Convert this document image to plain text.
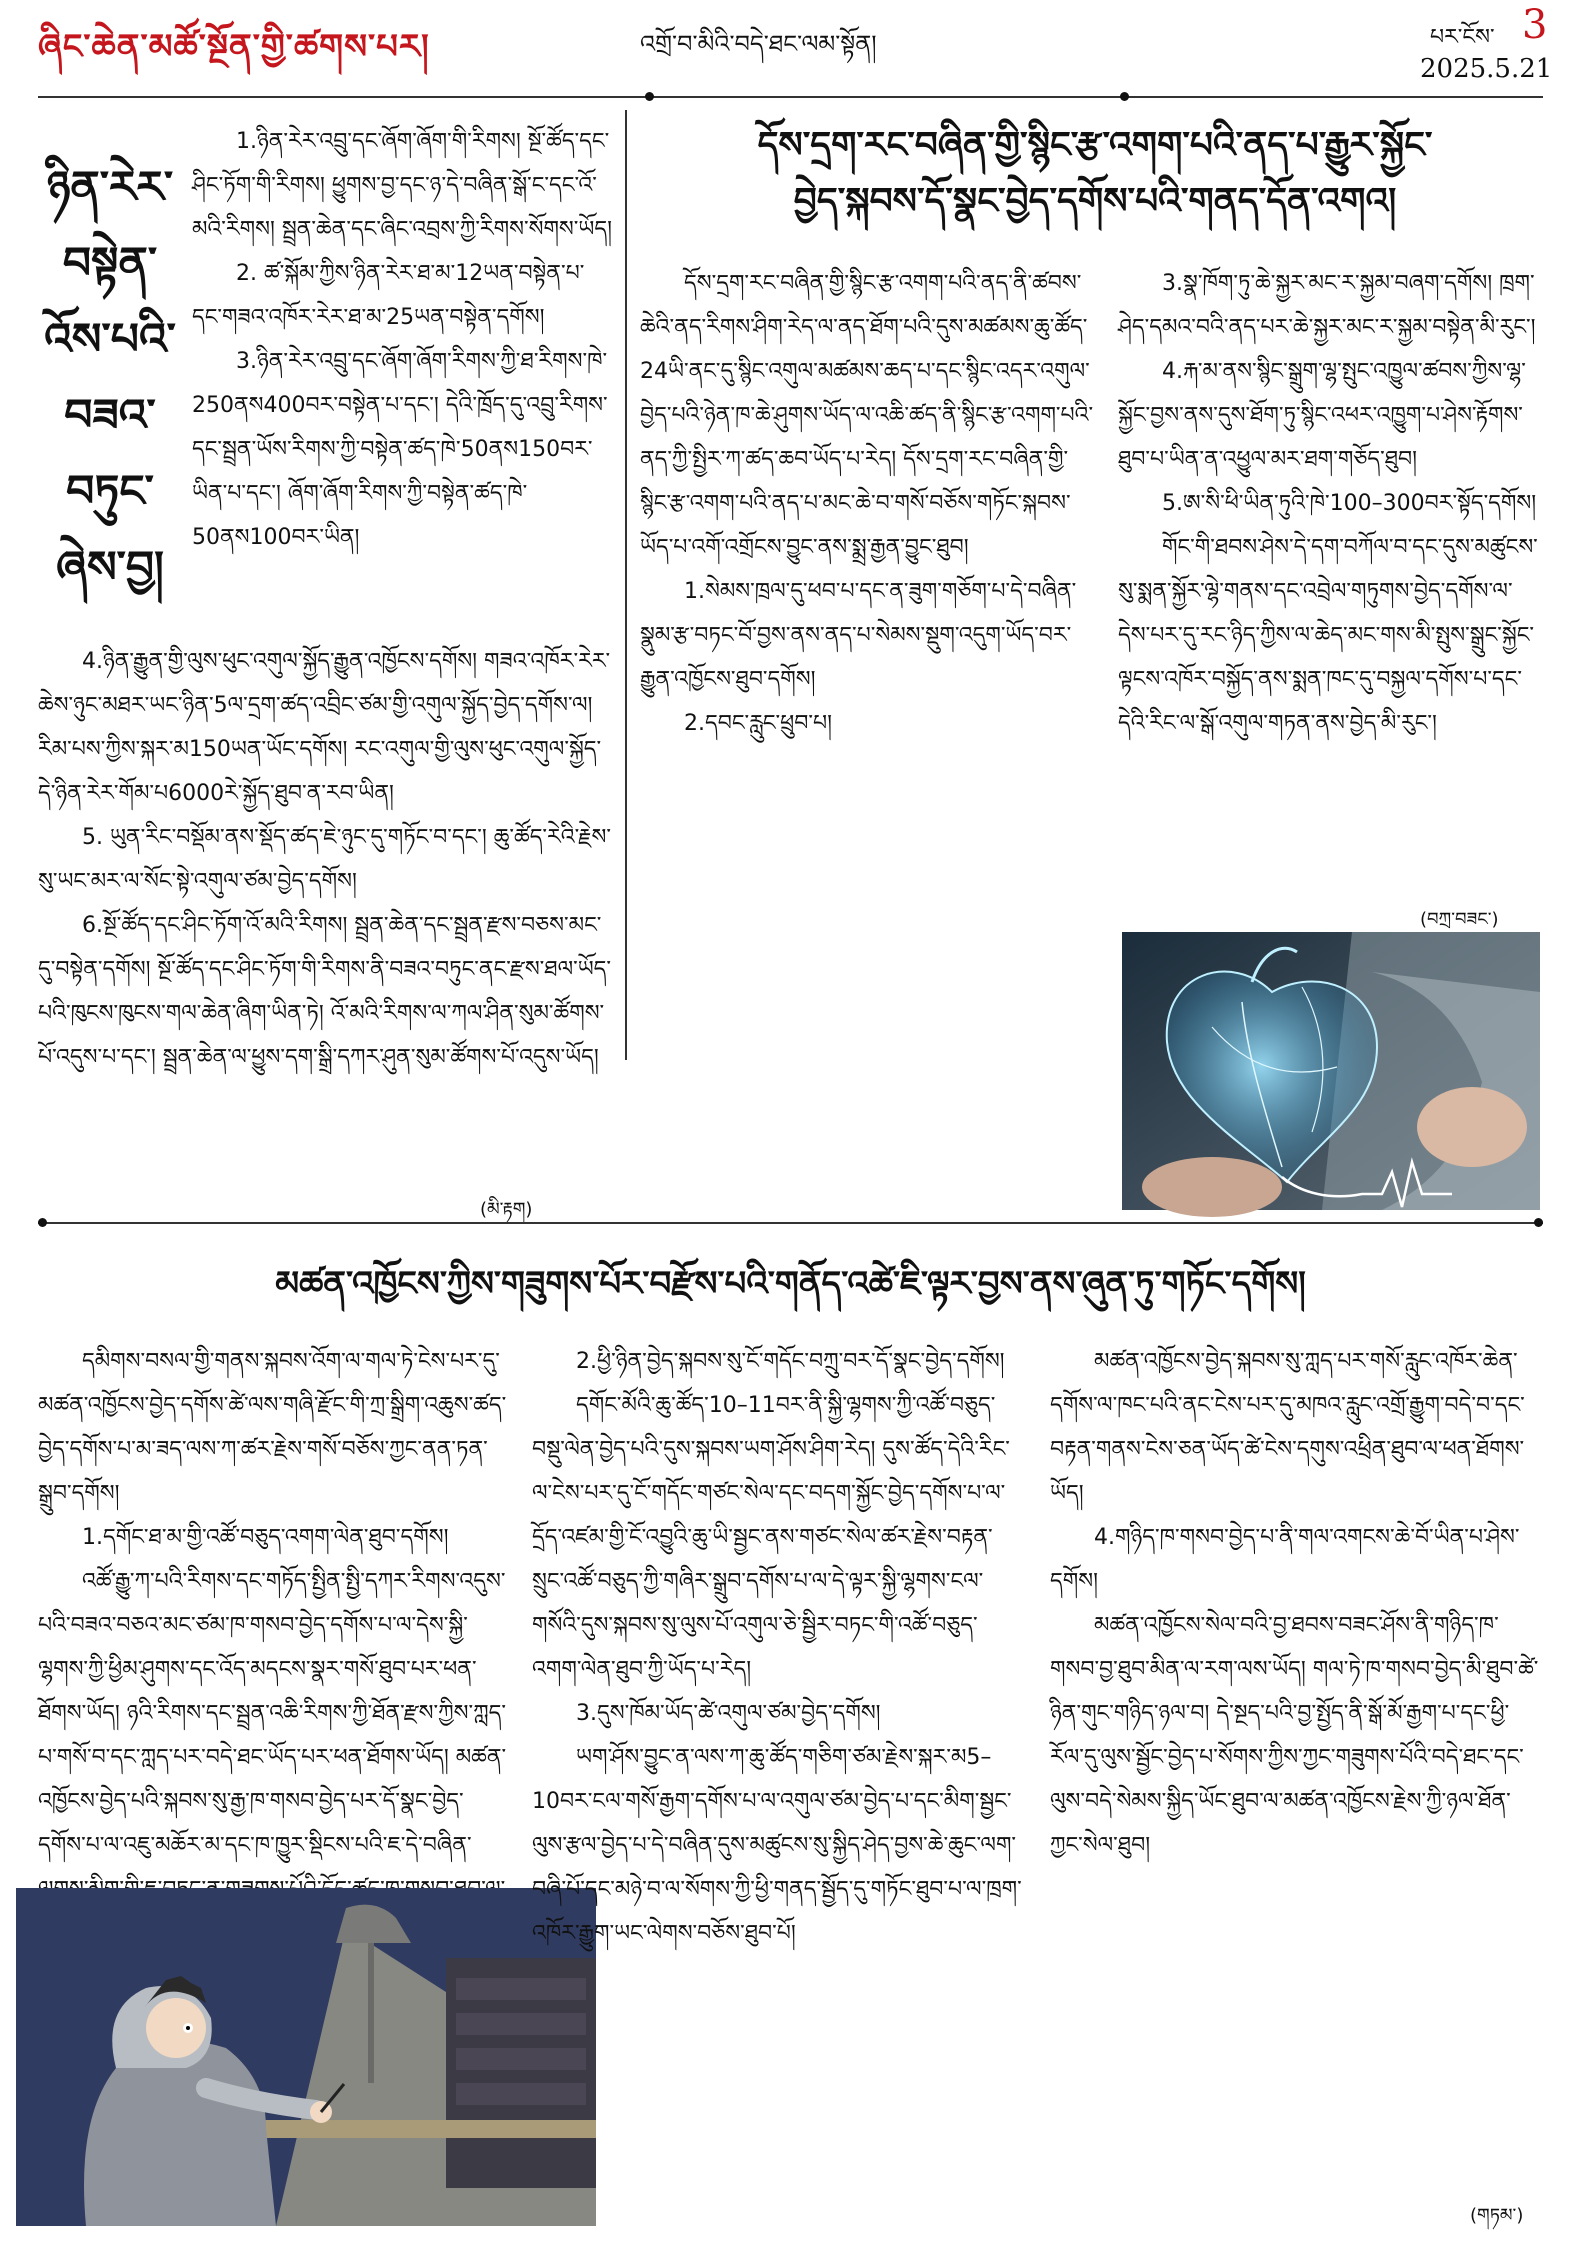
ཞིང་ཆེན་མཚོ་སྔོན་གྱི་ཚགས་པར།	འགྲོ་བ་མིའི་བདེ་ཐང་ལམ་སྟོན།	པར་ངོས་ 3
2025.5.21
ཉིན་རེར་
བསྟེན་
འོས་པའི་
བཟའ་
བཏུང་
ཞེས་བྱ།

1.ཉིན་རེར་འབྲུ་དང་ཞོག་ཞོག་གི་རིགས། སྔོ་ཚོད་དང་ཤིང་ཏོག་གི་རིགས། ཕྱུགས་བྱ་དང་ཉ་དེ་བཞིན་སྒོ་ང་དང་འོ་མའི་རིགས། སྦྲན་ཆེན་དང་ཞིང་འབྲས་ཀྱི་རིགས་སོགས་ཡོད།

2. ཚ་སྐོམ་ཀྱིས་ཉིན་རེར་ཐ་མ་12ཡན་བསྟེན་པ་དང་གཟའ་འཁོར་རེར་ཐ་མ་25ཡན་བསྟེན་དགོས།

3.ཉིན་རེར་འབྲུ་དང་ཞོག་ཞོག་རིགས་ཀྱི་ཐ་རིགས་ཁེ་250ནས400བར་བསྟེན་པ་དང་། དེའི་ཁྲོད་དུ་འབྲུ་རིགས་དང་སྦྲན་ཡོས་རིགས་ཀྱི་བསྟེན་ཚད་ཁེ་50ནས150བར་ཡིན་པ་དང་། ཞོག་ཞོག་རིགས་ཀྱི་བསྟེན་ཚད་ཁེ་50ནས100བར་ཡིན།

4.ཉིན་རྒྱུན་གྱི་ལུས་ཕུང་འགུལ་སྐྱོད་རྒྱུན་འཁྱོངས་དགོས། གཟའ་འཁོར་རེར་ཆེས་ཉུང་མཐར་ཡང་ཉིན་5ལ་དྲག་ཚད་འབྲིང་ཙམ་གྱི་འགུལ་སྐྱོད་བྱེད་དགོས་ལ། རིམ་པས་ཀྱིས་སྐར་མ150ཡན་ཡོང་དགོས། རང་འགུལ་གྱི་ལུས་ཕུང་འགུལ་སྐྱོད་དེ་ཉིན་རེར་གོམ་པ6000རེ་སྐྱོད་ཐུབ་ན་རབ་ཡིན།

5. ཡུན་རིང་བསྡོམ་ནས་སྡོད་ཚད་ཇེ་ཉུང་དུ་གཏོང་བ་དང་། ཆུ་ཚོད་རེའི་རྗེས་སུ་ཡང་མར་ལ་སོང་སྟེ་འགུལ་ཙམ་བྱེད་དགོས།

6.སྔོ་ཚོད་དང་ཤིང་ཏོག་འོ་མའི་རིགས། སྦྲན་ཆེན་དང་སྦྲན་རྫས་བཅས་མང་དུ་བསྟེན་དགོས། སྔོ་ཚོད་དང་ཤིང་ཏོག་གི་རིགས་ནི་བཟའ་བཏུང་ནང་རྫས་ཐལ་ཡོད་པའི་ཁུངས་ཁུངས་གལ་ཆེན་ཞིག་ཡིན་ཏེ། འོ་མའི་རིགས་ལ་ཀལ་ཤིན་སུམ་ཚོགས་པོ་འདུས་པ་དང་། སྦྲན་ཆེན་ལ་ཕྱུས་དག་སྒྲི་དཀར་ཤུན་སུམ་ཚོགས་པོ་འདུས་ཡོད།

(མི་རྟག)
དོས་དྲག་རང་བཞིན་གྱི་སྙིང་རྩ་འགག་པའི་ནད་པ་རྒྱུར་སྐྱོང་
བྱེད་སྐབས་དོ་སྣང་བྱེད་དགོས་པའི་གནད་དོན་འགའ།

དོས་དྲག་རང་བཞིན་གྱི་སྙིང་རྩ་འགག་པའི་ནད་ནི་ཚབས་ཆེའི་ནད་རིགས་ཤིག་རེད་ལ་ནད་ཐོག་པའི་དུས་མཚམས་ཆུ་ཚོད་24ཡི་ནང་དུ་སྙིང་འགུལ་མཚམས་ཆད་པ་དང་སྙིང་འདར་འགུལ་བྱེད་པའི་ཉེན་ཁ་ཆེ་ཤུགས་ཡོད་ལ་འཆི་ཚད་ནི་སྙིང་རྩ་འགག་པའི་ནད་ཀྱི་སྤྱིར་ཀ་ཚད་ཆབ་ཡོད་པ་རེད། དོས་དྲག་རང་བཞིན་གྱི་སྙིང་རྩ་འགག་པའི་ནད་པ་མང་ཆེ་བ་གསོ་བཅོས་གཏོང་སྐབས་ཡོད་པ་འགོ་འགྲོངས་བྱུང་ནས་སྨྲ་རྒྱན་བྱུང་ཐུབ།

1.སེམས་ཁྲལ་དུ་ཕབ་པ་དང་ན་ཟུག་གཅོག་པ་དེ་བཞིན་སྣུམ་རྩ་བཏང་བོ་བྱས་ནས་ནད་པ་སེམས་སྡུག་འདུག་ཡོད་བར་རྒྱུན་འཁྱོངས་ཐུབ་དགོས།

2.དབང་རླུང་ཕྲུབ་པ།

3.སྣ་ཁོག་ཏུ་ཆེ་སྐྱར་མང་ར་སྐྱམ་བཞག་དགོས། ཁྲག་ཤེད་དམའ་བའི་ནད་པར་ཆེ་སྐྱར་མང་ར་སྐྱམ་བསྟེན་མི་རུང་།

4.རྐ་མ་ནས་སྙིང་སྒྲུག་ལྷ་སྤུང་འཁྱུལ་ཚབས་ཀྱིས་ལྷ་སྐྱོང་བྱས་ནས་དུས་ཐོག་ཏུ་སྙིང་འཕར་འཁྱུག་པ་ཤེས་རྟོགས་ཐུབ་པ་ཡིན་ན་འཕྱུལ་མར་ཐག་གཅོད་ཐུབ།

5.ཨ་སི་ཕི་ཡིན་ཏུའི་ཁེ་100–300བར་སྟོད་དགོས།

གོང་གི་ཐབས་ཤེས་དེ་དག་བཀོལ་བ་དང་དུས་མཚུངས་སུ་སྨན་སྐྱོར་ལྷེ་གནས་དང་འབྲེལ་གཏུགས་བྱེད་དགོས་ལ་དེས་པར་དུ་རང་ཉིད་ཀྱིས་ལ་ཆེད་མང་གས་མི་སྤུས་སྒྲུང་སྐྱོང་ལྟངས་འཁོར་བསྐྱོད་ནས་སྨན་ཁང་དུ་བསྐྱལ་དགོས་པ་དང་དེའི་རིང་ལ་སྒོ་འགུལ་གཏན་ནས་བྱེད་མི་རུང་།

(བཀྲ་བཟང་)
མཚན་འཁྱོངས་ཀྱིས་གཟུགས་པོར་བརྫོས་པའི་གནོད་འཚེ་ཇི་ལྟར་བྱས་ནས་ཞུན་ཏུ་གཏོང་དགོས།

དམིགས་བསལ་གྱི་གནས་སྐབས་འོག་ལ་གལ་ཏེ་ངེས་པར་དུ་མཚན་འཁྱོངས་བྱེད་དགོས་ཚེ་ལས་གཞི་རྫོང་གི་ཀྲ་སྒྲིག་འཆུས་ཚད་བྱེད་དགོས་པ་མ་ཟད་ལས་ཀ་ཚར་རྗེས་གསོ་བཅོས་ཀྱང་ནན་ཏན་སྒྲུབ་དགོས།

1.དགོང་ཐ་མ་གྱི་འཚོ་བཅུད་འགག་ལེན་ཐུབ་དགོས།

འཚོ་རྒྱུ་ཀ་པའི་རིགས་དང་གཏོད་སྤྱིན་སྤྱི་དཀར་རིགས་འདུས་པའི་བཟའ་བཅའ་མང་ཙམ་ཁ་གསབ་བྱེད་དགོས་པ་ལ་དེས་སྐྱི་ལྷགས་ཀྱི་ཕྱིམ་ཤུགས་དང་འོད་མདངས་སྣར་གསོ་ཐུབ་པར་ཕན་ཐོགས་ཡོད། ཉའི་རིགས་དང་སྦྲན་འཆི་རིགས་ཀྱི་ཐོན་རྫས་ཀྱིས་ཀླད་པ་གསོ་བ་དང་ཀླད་པར་བདེ་ཐང་ཡོད་པར་ཕན་ཐོགས་ཡོད། མཚན་འཁྱོངས་བྱེད་པའི་སྐབས་སུ་རྒྱ་ཁ་གསབ་བྱེད་པར་དོ་སྣང་བྱེད་དགོས་པ་ལ་འཇུ་མཆོར་མ་དང་ཁ་ཁྱུར་སྡིངས་པའི་ཇ་དེ་བཞིན་

2.ཕྱི་ཉིན་བྱེད་སྐབས་སུ་ངོ་གདོང་བཀྲུ་བར་དོ་སྣང་བྱེད་དགོས།

དགོང་མོའི་ཆུ་ཚོད་10–11བར་ནི་སྐྱི་ལྷགས་ཀྱི་འཚོ་བཅུད་བསྡུ་ལེན་བྱེད་པའི་དུས་སྐབས་ཡག་ཤོས་ཤིག་རེད། དུས་ཚོད་དེའི་རིང་ལ་ངེས་པར་དུ་ངོ་གདོང་གཙང་སེལ་དང་བདག་སྐྱོང་བྱེད་དགོས་པ་ལ་དྲོད་འཛམ་གྱི་ངོ་འབྱུའི་ཆུ་ཡི་སྦྱང་ནས་གཙང་སེལ་ཚར་རྗེས་བརྟན་སྲུང་འཚོ་བཅུད་ཀྱི་གཞིར་སྒྲུབ་དགོས་པ་ལ་དེ་ལྟར་སྐྱི་ལྷགས་ངལ་གསོའི་དུས་སྐབས་སུ་ལུས་པོ་འགུལ་ཅེ་སྦྱིར་བཏང་གི་འཚོ་བཅུད་འགག་ལེན་ཐུབ་ཀྱི་ཡོད་པ་རེད།

3.དུས་ཁོམ་ཡོད་ཚེ་འགུལ་ཙམ་བྱེད་དགོས།

ཡག་ཤོས་བྱུང་ན་ལས་ཀ་ཆུ་ཚོད་གཅིག་ཙམ་རྗེས་སྐར་མ5–10བར་ངལ་གསོ་རྒྱག་དགོས་པ་ལ་འགུལ་ཙམ་བྱེད་པ་དང་མིག་སྦྱང་ལུས་རྩལ་བྱེད་པ་དེ་བཞིན་དུས་མཚུངས་སུ་སྐྱིད་ཤེད་བྱས་ཆེ་ཆུང་ལག་བཞི་པོ་དང་མཉེ་བ་ལ་སོགས་ཀྱི་ཕྱི་གནད་སྦྱོད་དུ་གཏོང་ཐུབ་པ་ལ་ཁྲག་འཁོར་རྒྱུག་ཡང་ལེགས་བཅོས་ཐུབ་པོ།

མཚན་འཁྱོངས་བྱེད་སྐབས་སུ་ཀླད་པར་གསོ་རླུང་འཁོར་ཆེན་དགོས་ལ་ཁང་པའི་ནང་ངེས་པར་དུ་མཁའ་རླུང་འགྲོ་རྒྱུག་བདེ་བ་དང་བརྟན་གནས་ངེས་ཅན་ཡོད་ཚེ་ངེས་དགུས་འཕྲིན་ཐུབ་ལ་ཕན་ཐོགས་ཡོད།

4.གཉིད་ཁ་གསབ་བྱེད་པ་ནི་གལ་འགངས་ཆེ་བོ་ཡིན་པ་ཤེས་དགོས།

མཚན་འཁྱོངས་སེལ་བའི་བྱ་ཐབས་བཟང་ཤོས་ནི་གཉིད་ཁ་གསབ་བྱ་ཐུབ་མིན་ལ་རག་ལས་ཡོད། གལ་ཏེ་ཁ་གསབ་བྱེད་མི་ཐུབ་ཚེ་ཉིན་གུང་གཉིད་ཉལ་བ། དེ་སྔད་པའི་བྱ་སྤྱོད་ནི་སྒོ་མོ་རྒྱག་པ་དང་ཕྱི་རོལ་དུ་ལུས་སྦྱོང་བྱེད་པ་སོགས་ཀྱིས་ཀྱང་གཟུགས་པོའི་བདེ་ཐང་དང་ལུས་བདེ་སེམས་སྐྱིད་ཡོང་ཐུབ་ལ་མཚན་འཁྱོངས་རྗེས་ཀྱི་ཉལ་ཐོན་ཀྱང་སེལ་ཐུབ།

(གཏམ་)
